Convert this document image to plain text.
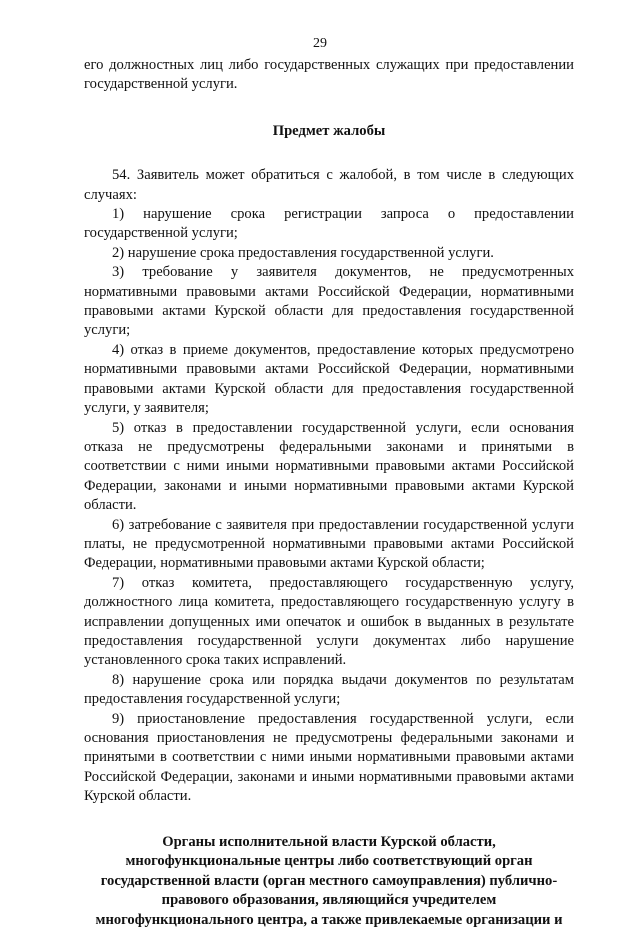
29

его должностных лиц либо государственных служащих при предоставлении государственной услуги.

Предмет жалобы

54. Заявитель может обратиться с жалобой, в том числе в следующих случаях:

1) нарушение срока регистрации запроса о предоставлении государственной услуги;

2) нарушение срока предоставления государственной услуги.

3) требование у заявителя документов, не предусмотренных нормативными правовыми актами Российской Федерации, нормативными правовыми актами Курской области для предоставления государственной услуги;

4) отказ в приеме документов, предоставление которых предусмотрено нормативными правовыми актами Российской Федерации, нормативными правовыми актами Курской области для предоставления государственной услуги, у заявителя;

5) отказ в предоставлении государственной услуги, если основания отказа не предусмотрены федеральными законами и принятыми в соответствии с ними иными нормативными правовыми актами Российской Федерации, законами и иными нормативными правовыми актами Курской области.

6) затребование с заявителя при предоставлении государственной услуги платы, не предусмотренной нормативными правовыми актами Российской Федерации, нормативными правовыми актами Курской области;

7) отказ комитета, предоставляющего государственную услугу, должностного лица комитета, предоставляющего государственную услугу в исправлении допущенных ими опечаток и ошибок в выданных в результате предоставления государственной услуги документах либо нарушение установленного срока таких исправлений.

8) нарушение срока или порядка выдачи документов по результатам предоставления государственной услуги;

9) приостановление предоставления государственной услуги, если основания приостановления не предусмотрены федеральными законами и принятыми в соответствии с ними иными нормативными правовыми актами Российской Федерации, законами и иными нормативными правовыми актами Курской области.

Органы исполнительной власти Курской области,
многофункциональные центры либо соответствующий орган
государственной власти (орган местного самоуправления) публично-
правового образования, являющийся учредителем
многофункционального центра, а также привлекаемые организации и
